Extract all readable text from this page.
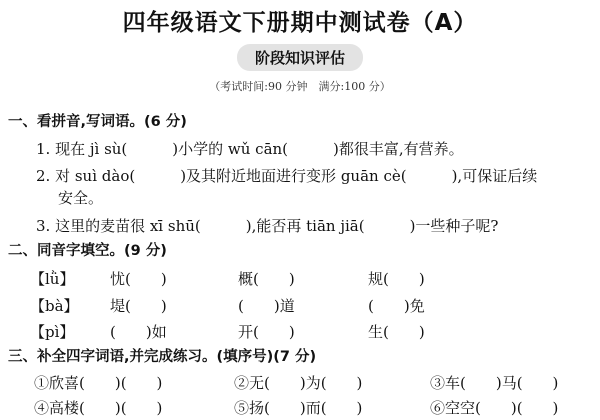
四年级语文下册期中测试卷（A）
阶段知识评估
（考试时间:90 分钟　满分:100 分）
一、看拼音,写词语。(6 分)
1. 现在 jì sù(　　　)小学的 wǔ cān(　　　)都很丰富,有营养。
2. 对 suì dào(　　　)及其附近地面进行变形 guān cè(　　　),可保证后续
安全。
3. 这里的麦苗很 xī shū(　　　),能否再 tiān jiā(　　　)一些种子呢?
二、同音字填空。(9 分)
【lǜ】 忧(　　)	概(　　)	规(　　)
【bà】 堤(　　)	(　　)道	(　　)免
【pì】 (　　)如	开(　　)	生(　　)
三、补全四字词语,并完成练习。(填序号)(7 分)
①欣喜(　　)(　　)	②无(　　)为(　　)	③车(　　)马(　　)
④高楼(　　)(　　)	⑤扬(　　)而(　　)	⑥空空(　　)(　　)
